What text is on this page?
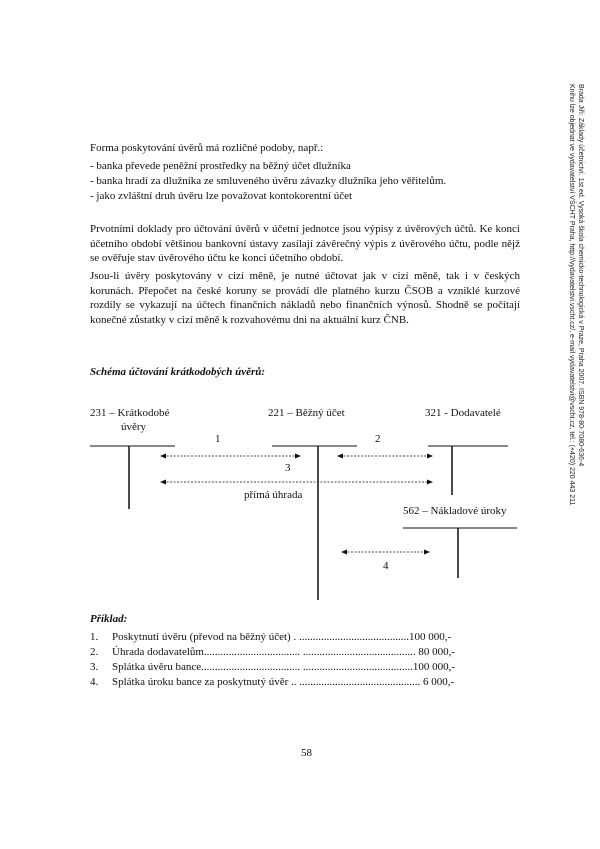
Brada Jiří: Základy účetnictví. 1st ed. Vysoká škola chemicko-technologická v Praze, Praha 2007. ISBN 978-80-7080-636-4
Knihu lze objednat ve vydavatelství VŠCHT Praha, http://vydavatelstvi.vscht.cz/, e-mail vydavatelstvi@vscht.cz, tel.: (+420) 220 443 211
Forma poskytování úvěrů má rozličné podoby, např.:
- banka převede peněžní prostředky na běžný účet dlužníka
- banka hradí za dlužníka ze smluveného úvěru závazky dlužníka jeho věřitelům.
- jako zvláštní druh úvěru lze považovat kontokorentní účet
Prvotními doklady pro účtování úvěrů v účetní jednotce jsou výpisy z úvěrových účtů. Ke konci účetního období většinou bankovní ústavy zasílají závěrečný výpis z úvěrového účtu, podle nějž se ověřuje stav úvěrového účtu ke konci účetního období.
Jsou-li úvěry poskytovány v cizí měně, je nutné účtovat jak v cizí měně, tak i v českých korunách. Přepočet na české koruny se provádí dle platného kurzu ČSOB a vzniklé kurzové rozdíly se vykazují na účtech finančních nákladů nebo finančních výnosů. Shodně se počítají konečné zůstatky v cizí měně k rozvahovému dni na aktuální kurz ČNB.
Schéma účtování krátkodobých úvěrů:
231 – Krátkodobé
úvěry
221 – Běžný účet	321 - Dodavatelé
562 – Nákladové úroky
1	2
3
4
přímá úhrada
Příklad:
1.	Poskytnutí úvěru (převod na běžný účet) . ........................................100 000,-
2.	Úhrada dodavatelům................................... ......................................... 80 000,-
3.	Splátka úvěru bance.................................... ........................................100 000,-
4.	Splátka úroku bance za poskytnutý úvěr .. ............................................ 6 000,-
58
